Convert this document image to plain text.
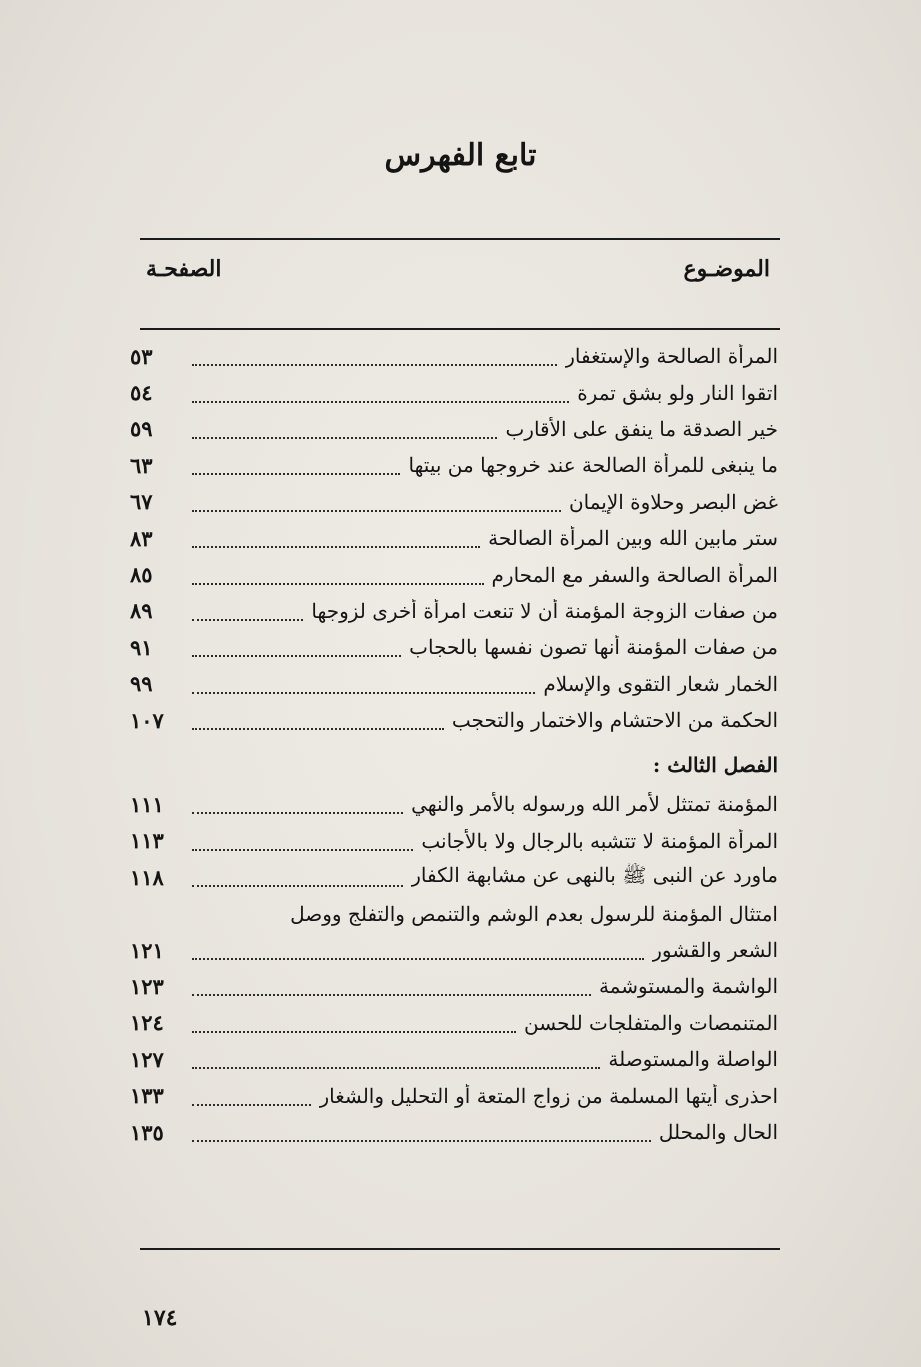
تابع الفهرس
الموضـوع
الصفحـة
المرأة الصالحة والإستغفار
٥٣
اتقوا النار ولو بشق تمرة
٥٤
خير الصدقة ما ينفق على الأقارب
٥٩
ما ينبغى للمرأة الصالحة عند خروجها من بيتها
٦٣
غض البصر وحلاوة الإيمان
٦٧
ستر مابين الله وبين المرأة الصالحة
٨٣
المرأة الصالحة والسفر مع المحارم
٨٥
من صفات الزوجة المؤمنة أن لا تنعت امرأة أخرى لزوجها
٨٩
من صفات المؤمنة أنها تصون نفسها بالحجاب
٩١
الخمار شعار التقوى والإسلام
٩٩
الحكمة من الاحتشام والاختمار والتحجب
١٠٧
الفصل الثالث :
المؤمنة تمتثل لأمر الله ورسوله بالأمر والنهي
١١١
المرأة المؤمنة لا تتشبه بالرجال ولا بالأجانب
١١٣
ماورد عن النبى ﷺ بالنهى عن مشابهة الكفار
١١٨
امتثال المؤمنة للرسول بعدم الوشم والتنمص والتفلج ووصل
الشعر والقشور
١٢١
الواشمة والمستوشمة
١٢٣
المتنمصات والمتفلجات للحسن
١٢٤
الواصلة والمستوصلة
١٢٧
احذرى أيتها المسلمة من زواج المتعة أو التحليل والشغار
١٣٣
الحال والمحلل
١٣٥
١٧٤
